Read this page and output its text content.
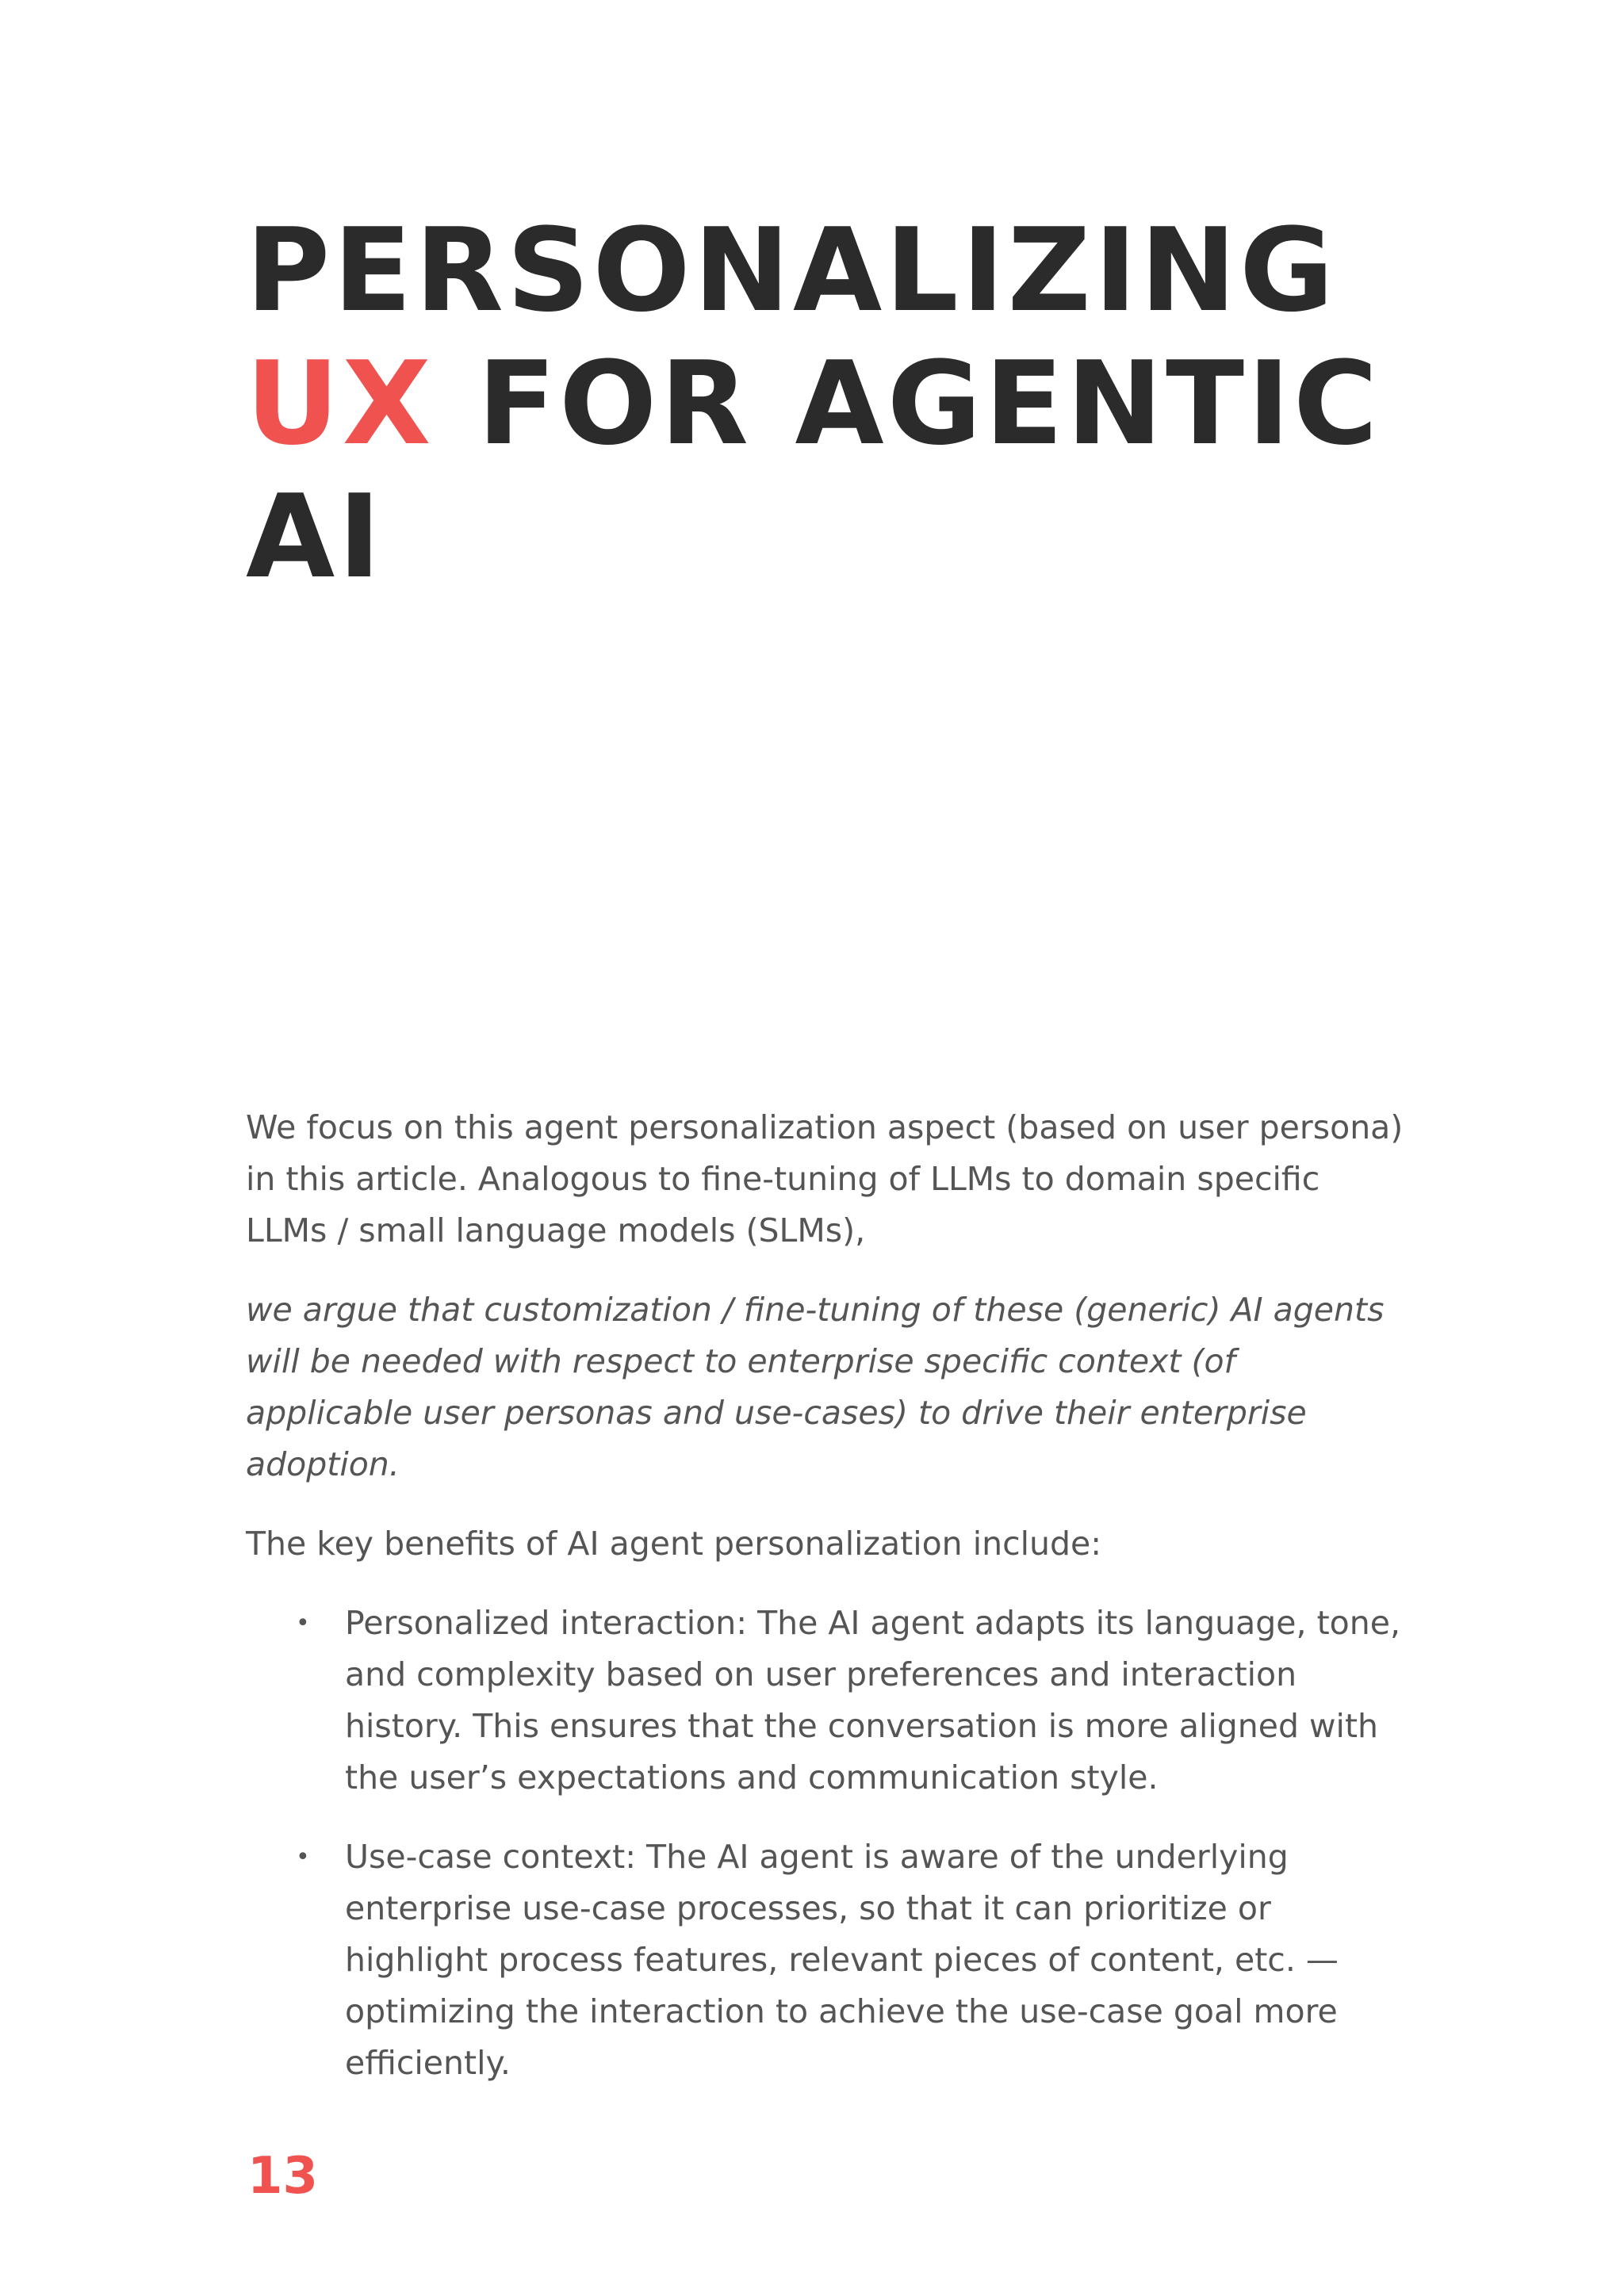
PERSONALIZING
UX FOR AGENTIC
AI

We focus on this agent personalization aspect (based on user persona) in this article. Analogous to fine-tuning of LLMs to domain specific LLMs / small language models (SLMs),

we argue that customization / fine-tuning of these (generic) AI agents will be needed with respect to enterprise specific context (of applicable user personas and use-cases) to drive their enterprise adoption.

The key benefits of AI agent personalization include:

• Personalized interaction: The AI agent adapts its language, tone, and complexity based on user preferences and interaction history. This ensures that the conversation is more aligned with the user’s expectations and communication style.
• Use-case context: The AI agent is aware of the underlying enterprise use-case processes, so that it can prioritize or highlight process features, relevant pieces of content, etc. — optimizing the interaction to achieve the use-case goal more efficiently.
13
